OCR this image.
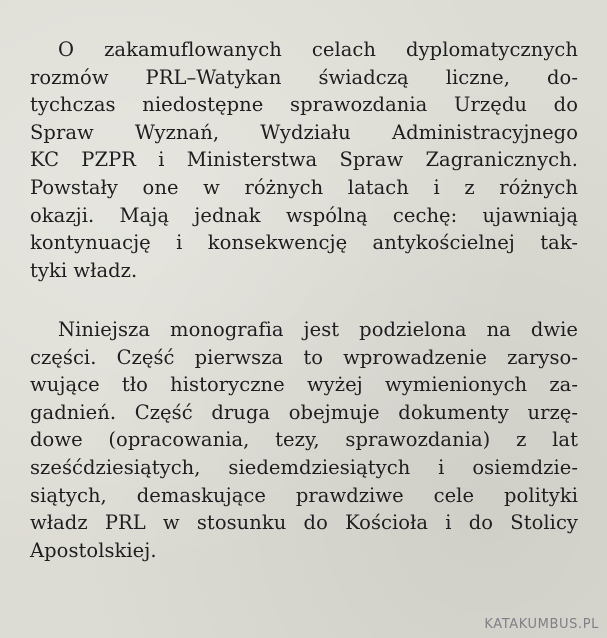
O zakamuflowanych celach dyplomatycznych
rozmów PRL–Watykan świadczą liczne, do-
tychczas niedostępne sprawozdania Urzędu do
Spraw Wyznań, Wydziału Administracyjnego
KC PZPR i Ministerstwa Spraw Zagranicznych.
Powstały one w różnych latach i z różnych
okazji. Mają jednak wspólną cechę: ujawniają
kontynuację i konsekwencję antykościelnej tak-
tyki władz.
Niniejsza monografia jest podzielona na dwie
części. Część pierwsza to wprowadzenie zaryso-
wujące tło historyczne wyżej wymienionych za-
gadnień. Część druga obejmuje dokumenty urzę-
dowe (opracowania, tezy, sprawozdania) z lat
sześćdziesiątych, siedemdziesiątych i osiemdzie-
siątych, demaskujące prawdziwe cele polityki
władz PRL w stosunku do Kościoła i do Stolicy
Apostolskiej.
KATAKUMBUS.PL
